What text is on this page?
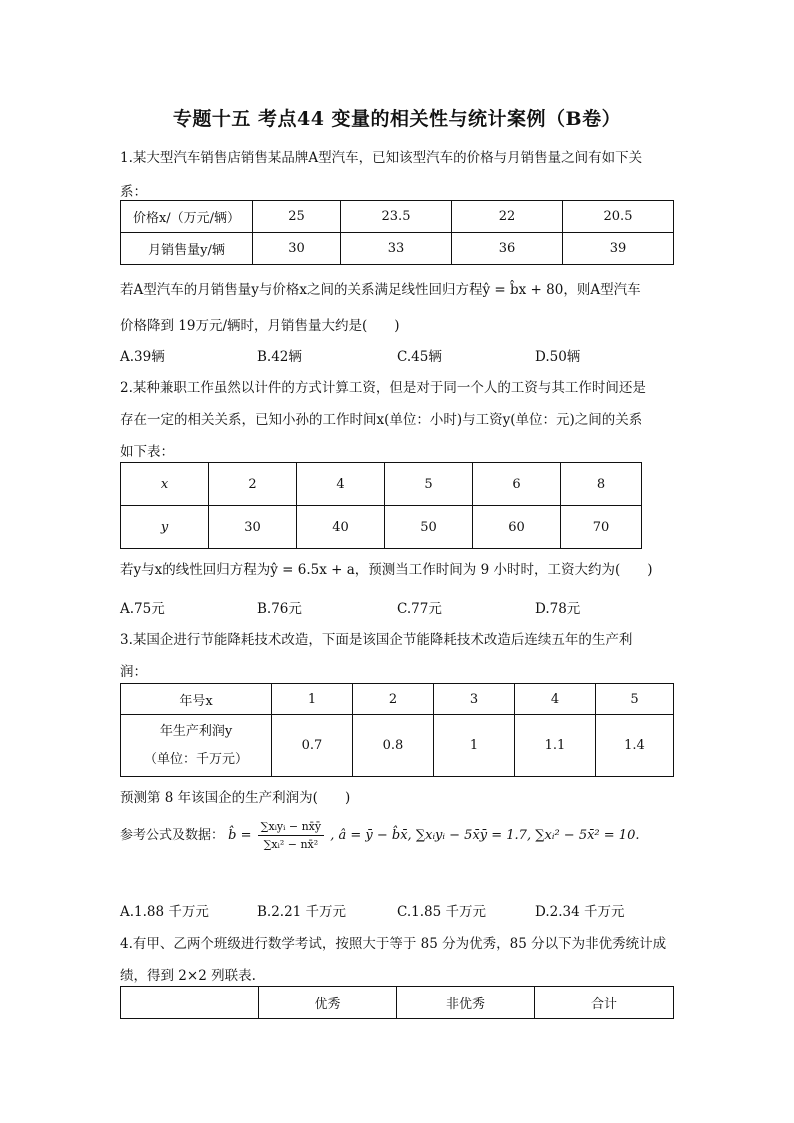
专题十五 考点44 变量的相关性与统计案例（B卷）
1.某大型汽车销售店销售某品牌A型汽车，已知该型汽车的价格与月销售量之间有如下关
系：
价格x/（万元/辆）	25	23.5	22	20.5
月销售量y/辆	30	33	36	39
若A型汽车的月销售量y与价格x之间的关系满足线性回归方程ŷ = b̂x + 80，则A型汽车
价格降到 19万元/辆时，月销售量大约是(　　)
A.39辆	B.42辆	C.45辆	D.50辆
2.某种兼职工作虽然以计件的方式计算工资，但是对于同一个人的工资与其工作时间还是
存在一定的相关关系，已知小孙的工作时间x(单位：小时)与工资y(单位：元)之间的关系
如下表：
x	2	4	5	6	8
y	30	40	50	60	70
若y与x的线性回归方程为ŷ = 6.5x + a，预测当工作时间为 9 小时时，工资大约为(　　)
A.75元	B.76元	C.77元	D.78元
3.某国企进行节能降耗技术改造，下面是该国企节能降耗技术改造后连续五年的生产利
润：
年号x	1	2	3	4	5

年生产利润y
（单位：千万元）	0.7	0.8	1	1.1	1.4
预测第 8 年该国企的生产利润为(　　)
参考公式及数据： b̂ = $\frac{\text{∑xᵢyᵢ − nx̄ȳ}}{\text{∑xᵢ² − nx̄²}}$ , â = ȳ − b̂x̄, ∑xᵢyᵢ − 5x̄ȳ = 1.7, ∑xᵢ² − 5x̄² = 10.
A.1.88 千万元	B.2.21 千万元	C.1.85 千万元	D.2.34 千万元
4.有甲、乙两个班级进行数学考试，按照大于等于 85 分为优秀，85 分以下为非优秀统计成
绩，得到 2×2 列联表.
	优秀	非优秀	合计
